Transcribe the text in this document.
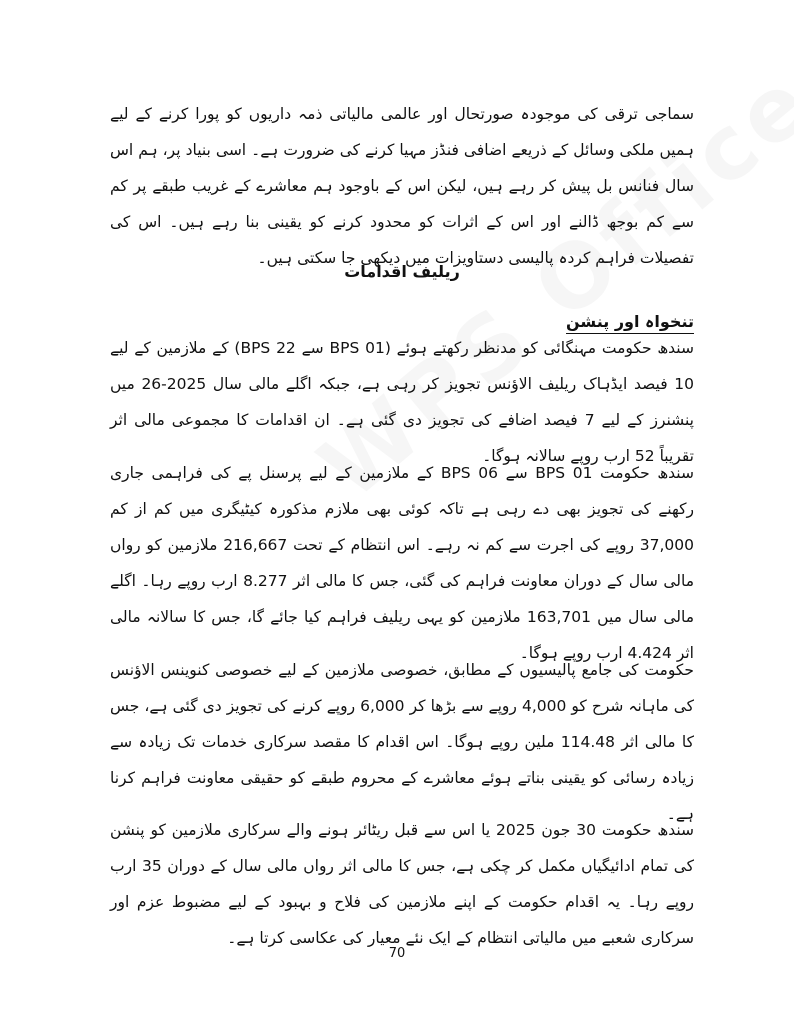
سماجی ترقی کی موجودہ صورتحال اور عالمی مالیاتی ذمہ داریوں کو پورا کرنے کے لیے ہمیں ملکی وسائل کے ذریعے اضافی فنڈز مہیا کرنے کی ضرورت ہے۔ اسی بنیاد پر، ہم اس سال فنانس بل پیش کر رہے ہیں، لیکن اس کے باوجود ہم معاشرے کے غریب طبقے پر کم سے کم بوجھ ڈالنے اور اس کے اثرات کو محدود کرنے کو یقینی بنا رہے ہیں۔ اس کی تفصیلات فراہم کردہ پالیسی دستاویزات میں دیکھی جا سکتی ہیں۔

ریلیف اقدامات
تنخواہ اور پنشن

سندھ حکومت مہنگائی کو مدنظر رکھتے ہوئے (BPS 01 سے BPS 22) کے ملازمین کے لیے 10 فیصد ایڈہاک ریلیف الاؤنس تجویز کر رہی ہے، جبکہ اگلے مالی سال 2025-26 میں پنشنرز کے لیے 7 فیصد اضافے کی تجویز دی گئی ہے۔ ان اقدامات کا مجموعی مالی اثر تقریباً 52 ارب روپے سالانہ ہوگا۔

سندھ حکومت BPS 01 سے BPS 06 کے ملازمین کے لیے پرسنل پے کی فراہمی جاری رکھنے کی تجویز بھی دے رہی ہے تاکہ کوئی بھی ملازم مذکورہ کیٹیگری میں کم از کم 37,000 روپے کی اجرت سے کم نہ رہے۔ اس انتظام کے تحت 216,667 ملازمین کو رواں مالی سال کے دوران معاونت فراہم کی گئی، جس کا مالی اثر 8.277 ارب روپے رہا۔ اگلے مالی سال میں 163,701 ملازمین کو یہی ریلیف فراہم کیا جائے گا، جس کا سالانہ مالی اثر 4.424 ارب روپے ہوگا۔

حکومت کی جامع پالیسیوں کے مطابق، خصوصی ملازمین کے لیے خصوصی کنوینس الاؤنس کی ماہانہ شرح کو 4,000 روپے سے بڑھا کر 6,000 روپے کرنے کی تجویز دی گئی ہے، جس کا مالی اثر 114.48 ملین روپے ہوگا۔ اس اقدام کا مقصد سرکاری خدمات تک زیادہ سے زیادہ رسائی کو یقینی بناتے ہوئے معاشرے کے محروم طبقے کو حقیقی معاونت فراہم کرنا ہے۔

سندھ حکومت 30 جون 2025 یا اس سے قبل ریٹائر ہونے والے سرکاری ملازمین کو پنشن کی تمام ادائیگیاں مکمل کر چکی ہے، جس کا مالی اثر رواں مالی سال کے دوران 35 ارب روپے رہا۔ یہ اقدام حکومت کے اپنے ملازمین کی فلاح و بہبود کے لیے مضبوط عزم اور سرکاری شعبے میں مالیاتی انتظام کے ایک نئے معیار کی عکاسی کرتا ہے۔

70
